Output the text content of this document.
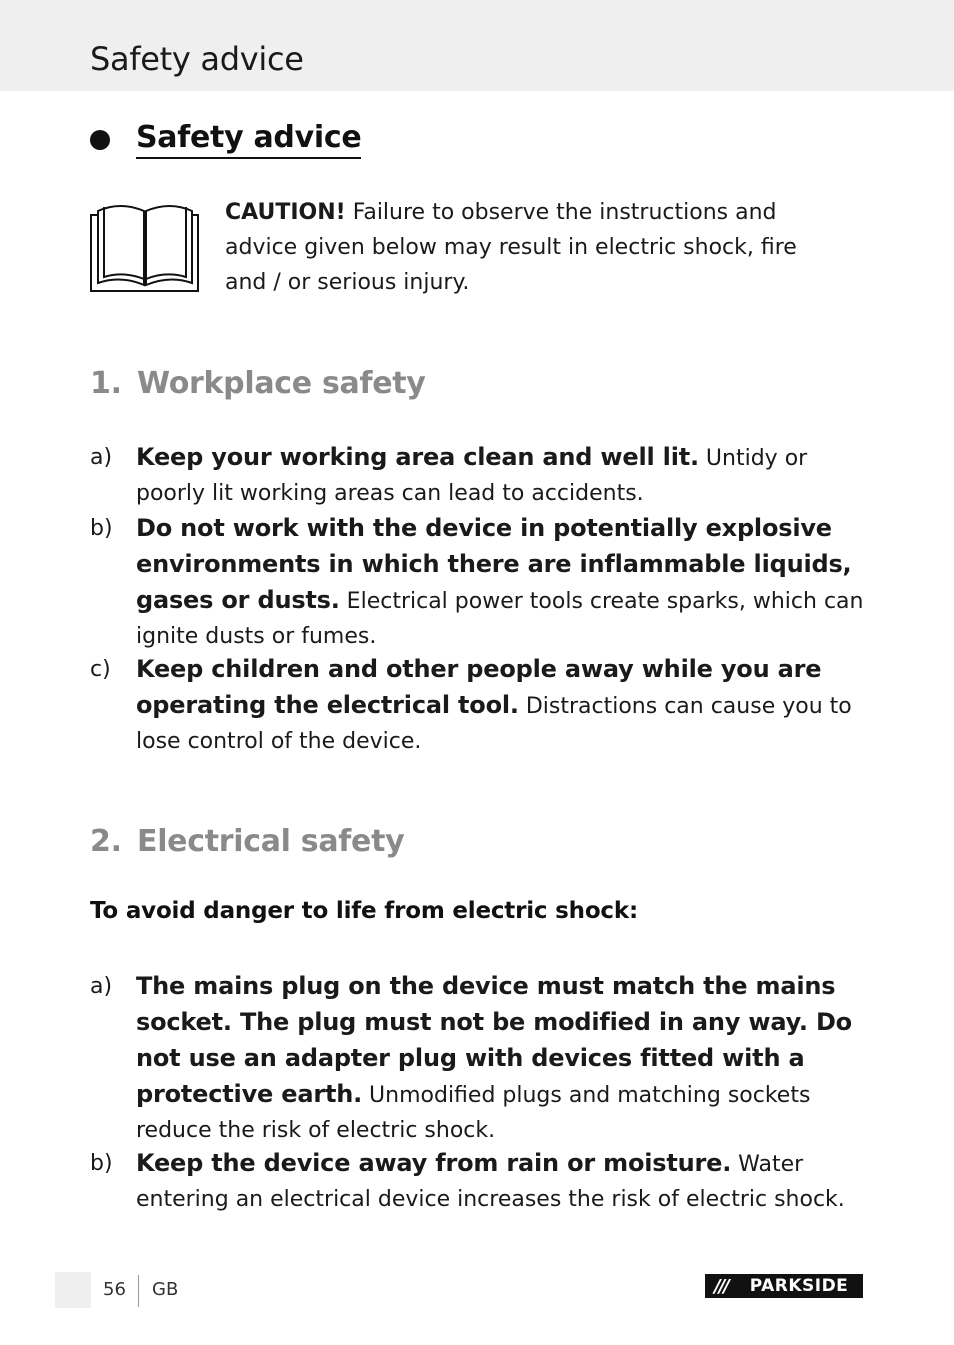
Safety advice
Safety advice
CAUTION! Failure to observe the instructions and advice given below may result in electric shock, fire and / or serious injury.
1. Workplace safety
a) Keep your working area clean and well lit. Untidy or poorly lit working areas can lead to accidents.
b) Do not work with the device in potentially explosive environments in which there are inflammable liquids, gases or dusts. Electrical power tools create sparks, which can ignite dusts or fumes.
c)	Keep children and other people away while you are operating the electrical tool. Distractions can cause you to lose control of the device.
2. Electrical safety
To avoid danger to life from electric shock:
a) The mains plug on the device must match the mains socket. The plug must not be modified in any way. Do not use an adapter plug with devices fitted with a protective earth. Unmodified plugs and matching sockets reduce the risk of electric shock.
b) Keep the device away from rain or moisture. Water entering an electrical device increases the risk of electric shock.
56 GB	///	PARKSIDE
